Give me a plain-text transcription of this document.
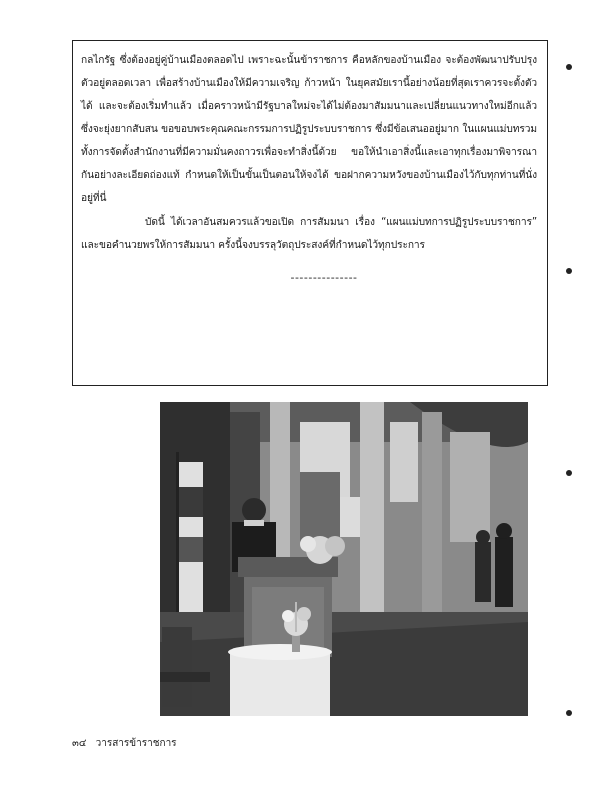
กลไกรัฐ ซึ่งต้องอยู่คู่บ้านเมืองตลอดไป เพราะฉะนั้นข้าราชการ คือหลักของบ้านเมือง จะต้องพัฒนาปรับปรุงตัวอยู่ตลอดเวลา เพื่อสร้างบ้านเมืองให้มีความเจริญ ก้าวหน้า ในยุคสมัยเรานี้อย่างน้อยที่สุดเราควรจะตั้งตัวได้ และจะต้องเริ่มทำแล้ว เมื่อคราวหน้ามีรัฐบาลใหม่จะได้ไม่ต้องมาสัมมนาและเปลี่ยนแนวทางใหม่อีกแล้ว ซึ่งจะยุ่งยากสับสน ขอขอบพระคุณคณะกรรมการปฏิรูประบบราชการ ซึ่งมีข้อเสนออยู่มาก ในแผนแม่บทรวมทั้งการจัดตั้งสำนักงานที่มีความมั่นคงถาวรเพื่อจะทำสิ่งนี้ด้วย ขอให้นำเอาสิ่งนี้และเอาทุกเรื่องมาพิจารณากันอย่างละเอียดถ่องแท้ กำหนดให้เป็นขั้นเป็นตอนให้จงได้ ขอฝากความหวังของบ้านเมืองไว้กับทุกท่านที่นั่งอยู่ที่นี่

บัดนี้ ได้เวลาอันสมควรแล้วขอเปิด การสัมมนา เรื่อง “แผนแม่บทการปฏิรูประบบราชการ” และขอคำนวยพรให้การสัมมนา ครั้งนี้จงบรรลุวัตถุประสงค์ที่กำหนดไว้ทุกประการ

---------------
๓๔ วารสารข้าราชการ
